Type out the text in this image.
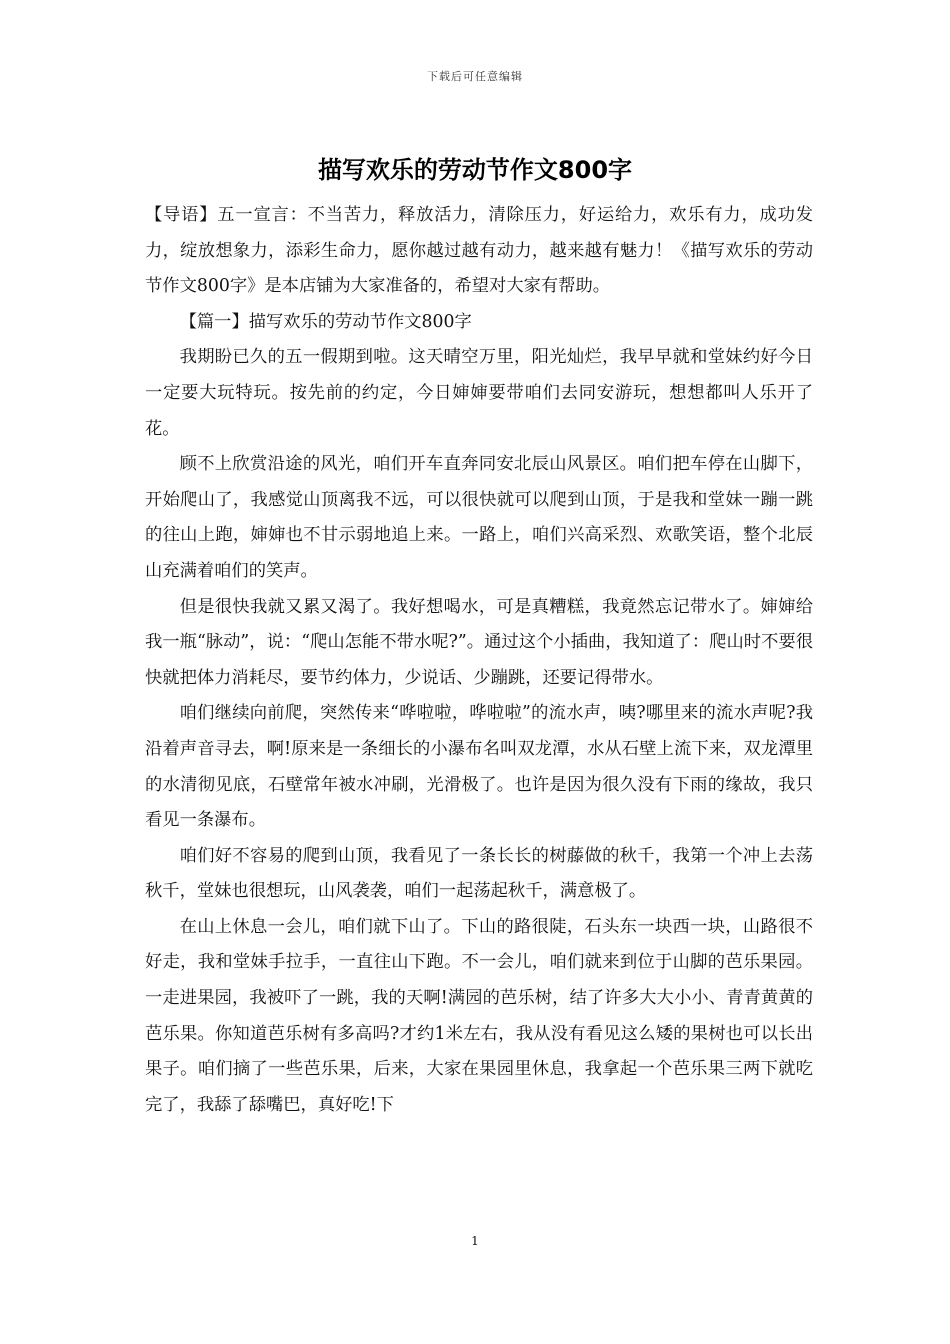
下载后可任意编辑
描写欢乐的劳动节作文800字

【导语】五一宣言：不当苦力，释放活力，清除压力，好运给力，欢乐有力，成功发力，绽放想象力，添彩生命力，愿你越过越有动力，越来越有魅力！《描写欢乐的劳动节作文800字》是本店铺为大家准备的，希望对大家有帮助。

【篇一】描写欢乐的劳动节作文800字

我期盼已久的五一假期到啦。这天晴空万里，阳光灿烂，我早早就和堂妹约好今日一定要大玩特玩。按先前的约定，今日婶婶要带咱们去同安游玩，想想都叫人乐开了花。

顾不上欣赏沿途的风光，咱们开车直奔同安北辰山风景区。咱们把车停在山脚下，开始爬山了，我感觉山顶离我不远，可以很快就可以爬到山顶，于是我和堂妹一蹦一跳的往山上跑，婶婶也不甘示弱地追上来。一路上，咱们兴高采烈、欢歌笑语，整个北辰山充满着咱们的笑声。

但是很快我就又累又渴了。我好想喝水，可是真糟糕，我竟然忘记带水了。婶婶给我一瓶“脉动”，说：“爬山怎能不带水呢?”。通过这个小插曲，我知道了：爬山时不要很快就把体力消耗尽，要节约体力，少说话、少蹦跳，还要记得带水。

咱们继续向前爬，突然传来“哗啦啦，哗啦啦”的流水声，咦?哪里来的流水声呢?我沿着声音寻去，啊!原来是一条细长的小瀑布名叫双龙潭，水从石壁上流下来，双龙潭里的水清彻见底，石壁常年被水冲刷，光滑极了。也许是因为很久没有下雨的缘故，我只看见一条瀑布。

咱们好不容易的爬到山顶，我看见了一条长长的树藤做的秋千，我第一个冲上去荡秋千，堂妹也很想玩，山风袭袭，咱们一起荡起秋千，满意极了。

在山上休息一会儿，咱们就下山了。下山的路很陡，石头东一块西一块，山路很不好走，我和堂妹手拉手，一直往山下跑。不一会儿，咱们就来到位于山脚的芭乐果园。一走进果园，我被吓了一跳，我的天啊!满园的芭乐树，结了许多大大小小、青青黄黄的芭乐果。你知道芭乐树有多高吗?才约1米左右，我从没有看见这么矮的果树也可以长出果子。咱们摘了一些芭乐果，后来，大家在果园里休息，我拿起一个芭乐果三两下就吃完了，我舔了舔嘴巴，真好吃!下

1
